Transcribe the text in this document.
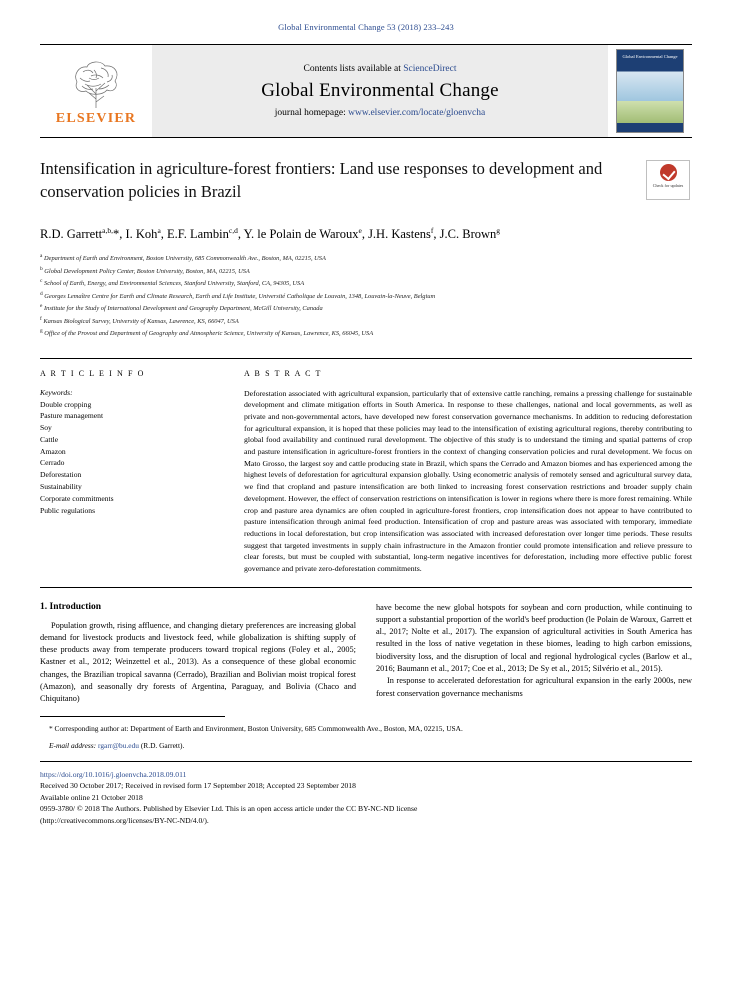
Global Environmental Change 53 (2018) 233–243
ELSEVIER
Contents lists available at ScienceDirect
Global Environmental Change
journal homepage: www.elsevier.com/locate/gloenvcha
Global Environmental Change
Intensification in agriculture-forest frontiers: Land use responses to development and conservation policies in Brazil	Check for updates
R.D. Garrett$^{a,b,}$*, I. Koh$^a$, E.F. Lambin$^{c,d}$, Y. le Polain de Waroux$^e$, J.H. Kastens$^f$, J.C. Brown$^g$
$^a$ Department of Earth and Environment, Boston University, 685 Commonwealth Ave., Boston, MA, 02215, USA
$^b$ Global Development Policy Center, Boston University, Boston, MA, 02215, USA
$^c$ School of Earth, Energy, and Environmental Sciences, Stanford University, Stanford, CA, 94305, USA
$^d$ Georges Lemaître Centre for Earth and Climate Research, Earth and Life Institute, Université Catholique de Louvain, 1348, Louvain-la-Neuve, Belgium
$^e$ Institute for the Study of International Development and Geography Department, McGill University, Canada
$^f$ Kansas Biological Survey, University of Kansas, Lawrence, KS, 66047, USA
$^g$ Office of the Provost and Department of Geography and Atmospheric Science, University of Kansas, Lawrence, KS, 66045, USA
A R T I C L E I N F O
Keywords:
Double cropping
Pasture management
Soy
Cattle
Amazon
Cerrado
Deforestation
Sustainability
Corporate commitments
Public regulations
A B S T R A C T
Deforestation associated with agricultural expansion, particularly that of extensive cattle ranching, remains a pressing challenge for sustainable development and climate mitigation efforts in South America. In response to these challenges, national and local governments, as well as private and non-governmental actors, have developed new forest conservation governance mechanisms. In addition to reducing deforestation for agricultural expansion, it is hoped that these policies may lead to the intensification of existing agricultural regions, thereby contributing to global food availability and continued rural development. The objective of this study is to understand the timing and spatial patterns of crop and pasture intensification in agriculture-forest frontiers in the context of changing conservation policies and rural development. We focus on Mato Grosso, the largest soy and cattle producing state in Brazil, which spans the Cerrado and Amazon biomes and has experienced among the highest levels of deforestation for agricultural expansion globally. Using econometric analysis of remotely sensed and agricultural survey data, we find that cropland and pasture intensification are both linked to increasing forest conservation restrictions and broader supply chain development. However, the effect of conservation restrictions on intensification is lower in regions where there is more forest remaining. While crop and pasture area dynamics are often coupled in agriculture-forest frontiers, crop intensification does not appear to have contributed to pasture intensification through animal feed production. Intensification of crop and pasture areas was associated with temporary, immediate reductions in local deforestation, but crop intensification was associated with increased deforestation over longer time periods. These results suggest that targeted investments in supply chain infrastructure in the Amazon frontier could promote intensification and relieve pressure to clear forests, but must be coupled with substantial, long-term negative incentives for deforestation, including more effective public forest governance and private zero-deforestation commitments.
1. Introduction
Population growth, rising affluence, and changing dietary preferences are increasing global demand for livestock products and livestock feed, while globalization is shifting supply of these products away from temperate producers toward tropical regions (Foley et al., 2005; Kastner et al., 2012; Weinzettel et al., 2013). As a consequence of these global economic changes, the Brazilian tropical savanna (Cerrado), Brazilian and Bolivian moist tropical forest (Amazon), and seasonally dry forests of Argentina, Paraguay, and Bolivia (Chaco and Chiquitano)
have become the new global hotspots for soybean and corn production, while continuing to support a substantial proportion of the world's beef production (le Polain de Waroux, Garrett et al., 2017; Nolte et al., 2017). The expansion of agricultural activities in South America has resulted in the loss of native vegetation in these biomes, leading to high carbon emissions, biodiversity loss, and the disruption of local and regional hydrological cycles (Barlow et al., 2016; Baumann et al., 2017; Coe et al., 2013; De Sy et al., 2015; Silvério et al., 2015).
In response to accelerated deforestation for agricultural expansion in the early 2000s, new forest conservation governance mechanisms
* Corresponding author at: Department of Earth and Environment, Boston University, 685 Commonwealth Ave., Boston, MA, 02215, USA.
E-mail address: rgarr@bu.edu (R.D. Garrett).
https://doi.org/10.1016/j.gloenvcha.2018.09.011
Received 30 October 2017; Received in revised form 17 September 2018; Accepted 23 September 2018
Available online 21 October 2018
0959-3780/ © 2018 The Authors. Published by Elsevier Ltd. This is an open access article under the CC BY-NC-ND license
(http://creativecommons.org/licenses/BY-NC-ND/4.0/).
